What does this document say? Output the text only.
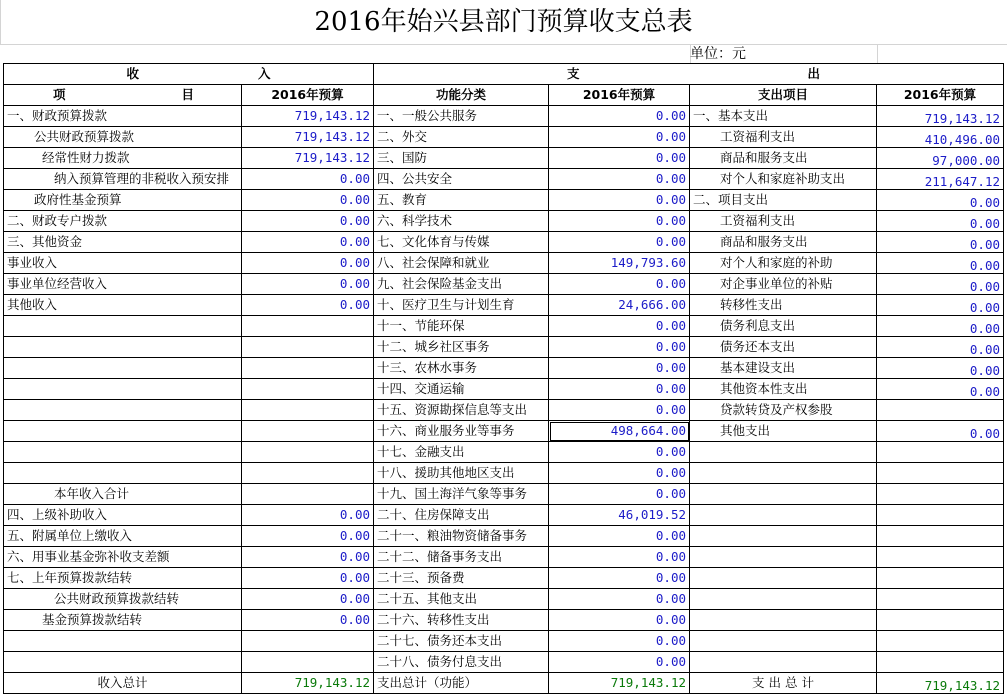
2016年始兴县部门预算收支总表
单位：元
收 入		支 出			

项 目	2016年预算	功能分类	2016年预算	支出项目	2016年预算
一、财政预算拨款	719,143.12	一、一般公共服务	0.00	一、基本支出	719,143.12
公共财政预算拨款	719,143.12	二、外交	0.00	工资福利支出	410,496.00
经常性财力拨款	719,143.12	三、国防	0.00	商品和服务支出	97,000.00
纳入预算管理的非税收入预安排	0.00	四、公共安全	0.00	对个人和家庭补助支出	211,647.12
政府性基金预算	0.00	五、教育	0.00	二、项目支出	0.00
二、财政专户拨款	0.00	六、科学技术	0.00	工资福利支出	0.00
三、其他资金	0.00	七、文化体育与传媒	0.00	商品和服务支出	0.00
事业收入	0.00	八、社会保障和就业	149,793.60	对个人和家庭的补助	0.00
事业单位经营收入	0.00	九、社会保险基金支出	0.00	对企事业单位的补贴	0.00
其他收入	0.00	十、医疗卫生与计划生育	24,666.00	转移性支出	0.00
		十一、节能环保	0.00	债务利息支出	0.00
		十二、城乡社区事务	0.00	债务还本支出	0.00
		十三、农林水事务	0.00	基本建设支出	0.00
		十四、交通运输	0.00	其他资本性支出	0.00
		十五、资源勘探信息等支出	0.00	贷款转贷及产权参股	
		十六、商业服务业等事务	498,664.00	其他支出	0.00
		十七、金融支出	0.00		
		十八、援助其他地区支出	0.00		
本年收入合计		十九、国土海洋气象等事务	0.00		
四、上级补助收入	0.00	二十、住房保障支出	46,019.52		
五、附属单位上缴收入	0.00	二十一、粮油物资储备事务	0.00		
六、用事业基金弥补收支差额	0.00	二十二、储备事务支出	0.00		
七、上年预算拨款结转	0.00	二十三、预备费	0.00		
公共财政预算拨款结转	0.00	二十五、其他支出	0.00		
基金预算拨款结转	0.00	二十六、转移性支出	0.00		
		二十七、债务还本支出	0.00		
		二十八、债务付息支出	0.00		
收入总计	719,143.12	支出总计（功能）	719,143.12	支 出 总 计	719,143.12
